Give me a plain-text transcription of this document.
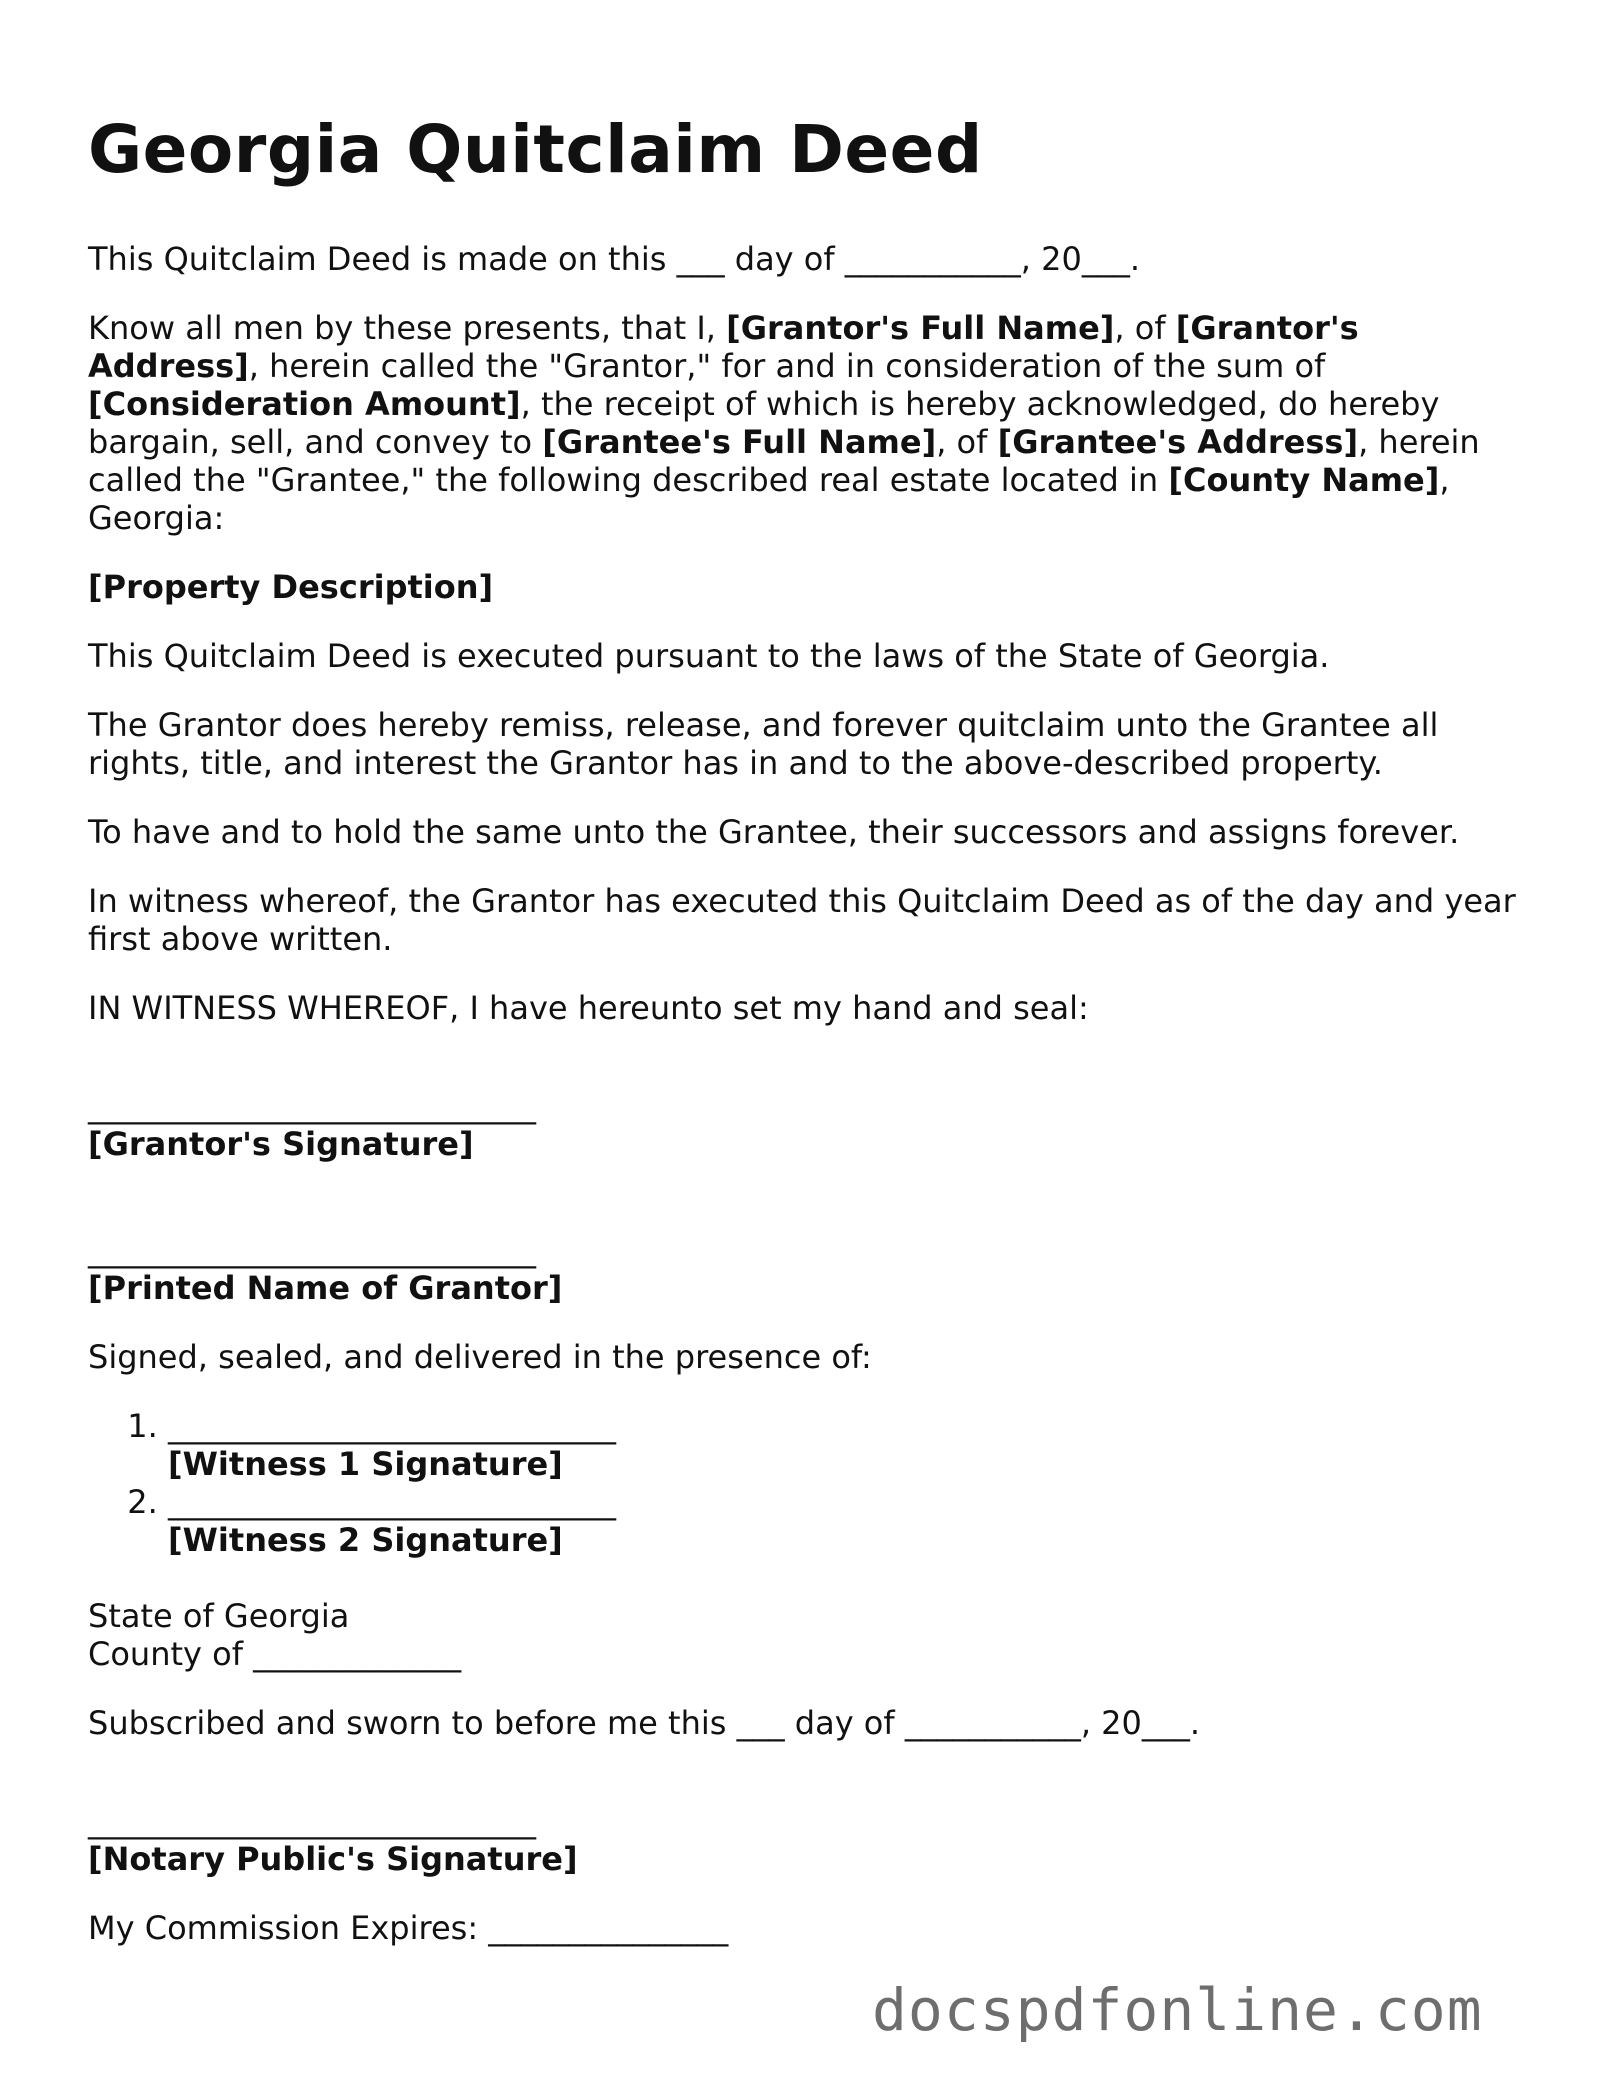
Georgia Quitclaim Deed

This Quitclaim Deed is made on this ___ day of ___________, 20___.

Know all men by these presents, that I, [Grantor's Full Name], of [Grantor's Address], herein called the "Grantor," for and in consideration of the sum of [Consideration Amount], the receipt of which is hereby acknowledged, do hereby bargain, sell, and convey to [Grantee's Full Name], of [Grantee's Address], herein called the "Grantee," the following described real estate located in [County Name], Georgia:

[Property Description]

This Quitclaim Deed is executed pursuant to the laws of the State of Georgia.

The Grantor does hereby remiss, release, and forever quitclaim unto the Grantee all rights, title, and interest the Grantor has in and to the above-described property.

To have and to hold the same unto the Grantee, their successors and assigns forever.

In witness whereof, the Grantor has executed this Quitclaim Deed as of the day and year first above written.

IN WITNESS WHEREOF, I have hereunto set my hand and seal:

____________________________
[Grantor's Signature]
____________________________
[Printed Name of Grantor]

Signed, sealed, and delivered in the presence of:

1. ____________________________
[Witness 1 Signature]
2. ____________________________
[Witness 2 Signature]

State of Georgia

County of _____________

Subscribed and sworn to before me this ___ day of ___________, 20___.

____________________________
[Notary Public's Signature]

My Commission Expires: _______________

docspdfonline.com
